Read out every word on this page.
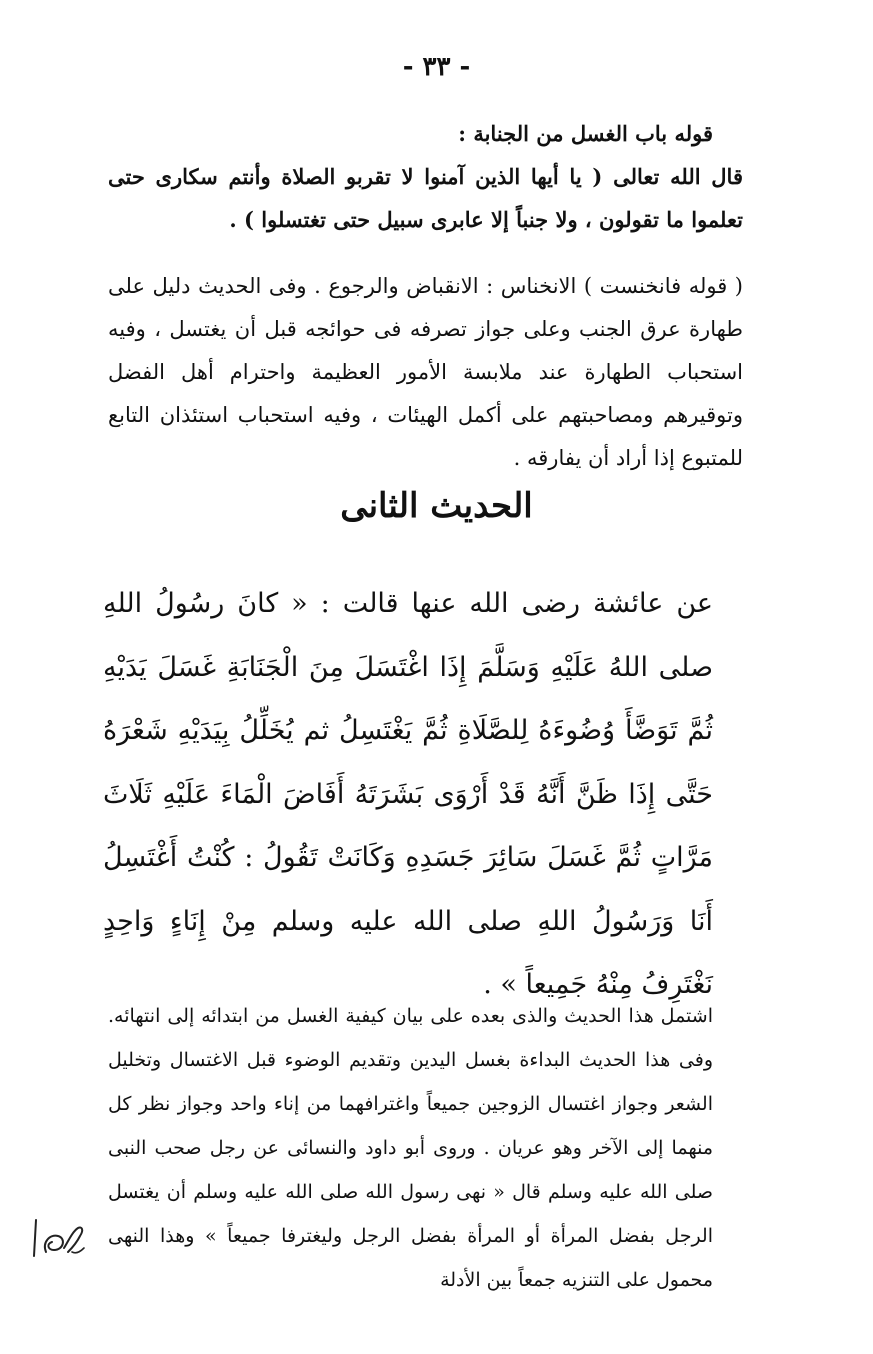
- ٣٣ -
قوله باب الغسل من الجنابة :
قال الله تعالى ( يا أيها الذين آمنوا لا تقربو الصلاة وأنتم سكارى حتى تعلموا ما تقولون ، ولا جنباً إلا عابرى سبيل حتى تغتسلوا ) .
( قوله فانخنست ) الانخناس : الانقباض والرجوع . وفى الحديث دليل على طهارة عرق الجنب وعلى جواز تصرفه فى حوائجه قبل أن يغتسل ، وفيه استحباب الطهارة عند ملابسة الأمور العظيمة واحترام أهل الفضل وتوقيرهم ومصاحبتهم على أكمل الهيئات ، وفيه استحباب استئذان التابع للمتبوع إذا أراد أن يفارقه .
الحديث الثانى
عن عائشة رضى الله عنها قالت : « كانَ رسُولُ اللهِ صلى اللهُ عَلَيْهِ وَسَلَّمَ إِذَا اغْتَسَلَ مِنَ الْجَنَابَةِ غَسَلَ يَدَيْهِ ثُمَّ تَوَضَّأَ وُضُوءَهُ لِلصَّلَاةِ ثُمَّ يَغْتَسِلُ ثم يُخَلِّلُ بِيَدَيْهِ شَعْرَهُ حَتَّى إِذَا ظَنَّ أَنَّهُ قَدْ أَرْوَى بَشَرَتَهُ أَفَاضَ الْمَاءَ عَلَيْهِ ثَلَاثَ مَرَّاتٍ ثُمَّ غَسَلَ سَائِرَ جَسَدِهِ وَكَانَتْ تَقُولُ : كُنْتُ أَغْتَسِلُ أَنَا وَرَسُولُ اللهِ صلى الله عليه وسلم مِنْ إِنَاءٍ وَاحِدٍ نَغْتَرِفُ مِنْهُ جَمِيعاً » .
اشتمل هذا الحديث والذى بعده على بيان كيفية الغسل من ابتدائه إلى انتهائه. وفى هذا الحديث البداءة بغسل اليدين وتقديم الوضوء قبل الاغتسال وتخليل الشعر وجواز اغتسال الزوجين جميعاً واغترافهما من إناء واحد وجواز نظر كل منهما إلى الآخر وهو عريان . وروى أبو داود والنسائى عن رجل صحب النبى صلى الله عليه وسلم قال « نهى رسول الله صلى الله عليه وسلم أن يغتسل الرجل بفضل المرأة أو المرأة بفضل الرجل وليغترفا جميعاً » وهذا النهى محمول على التنزيه جمعاً بين الأدلة
